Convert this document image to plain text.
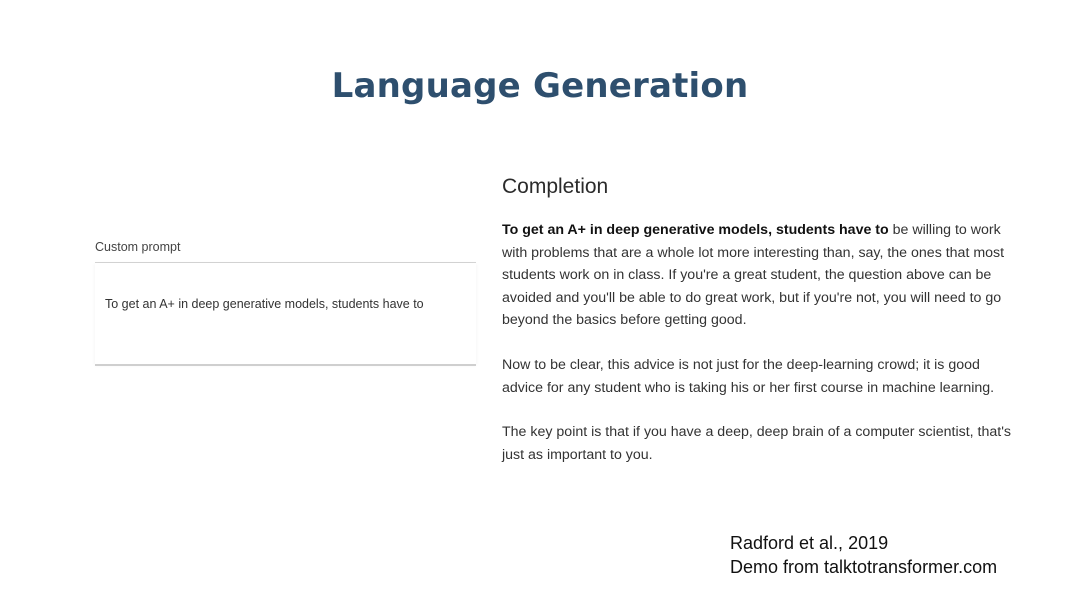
Language Generation
Custom prompt
To get an A+ in deep generative models, students have to
Completion

To get an A+ in deep generative models, students have to be willing to work with problems that are a whole lot more interesting than, say, the ones that most students work on in class. If you're a great student, the question above can be avoided and you'll be able to do great work, but if you're not, you will need to go beyond the basics before getting good.

Now to be clear, this advice is not just for the deep-learning crowd; it is good advice for any student who is taking his or her first course in machine learning.

The key point is that if you have a deep, deep brain of a computer scientist, that's just as important to you.

Radford et al., 2019
Demo from talktotransformer.com
